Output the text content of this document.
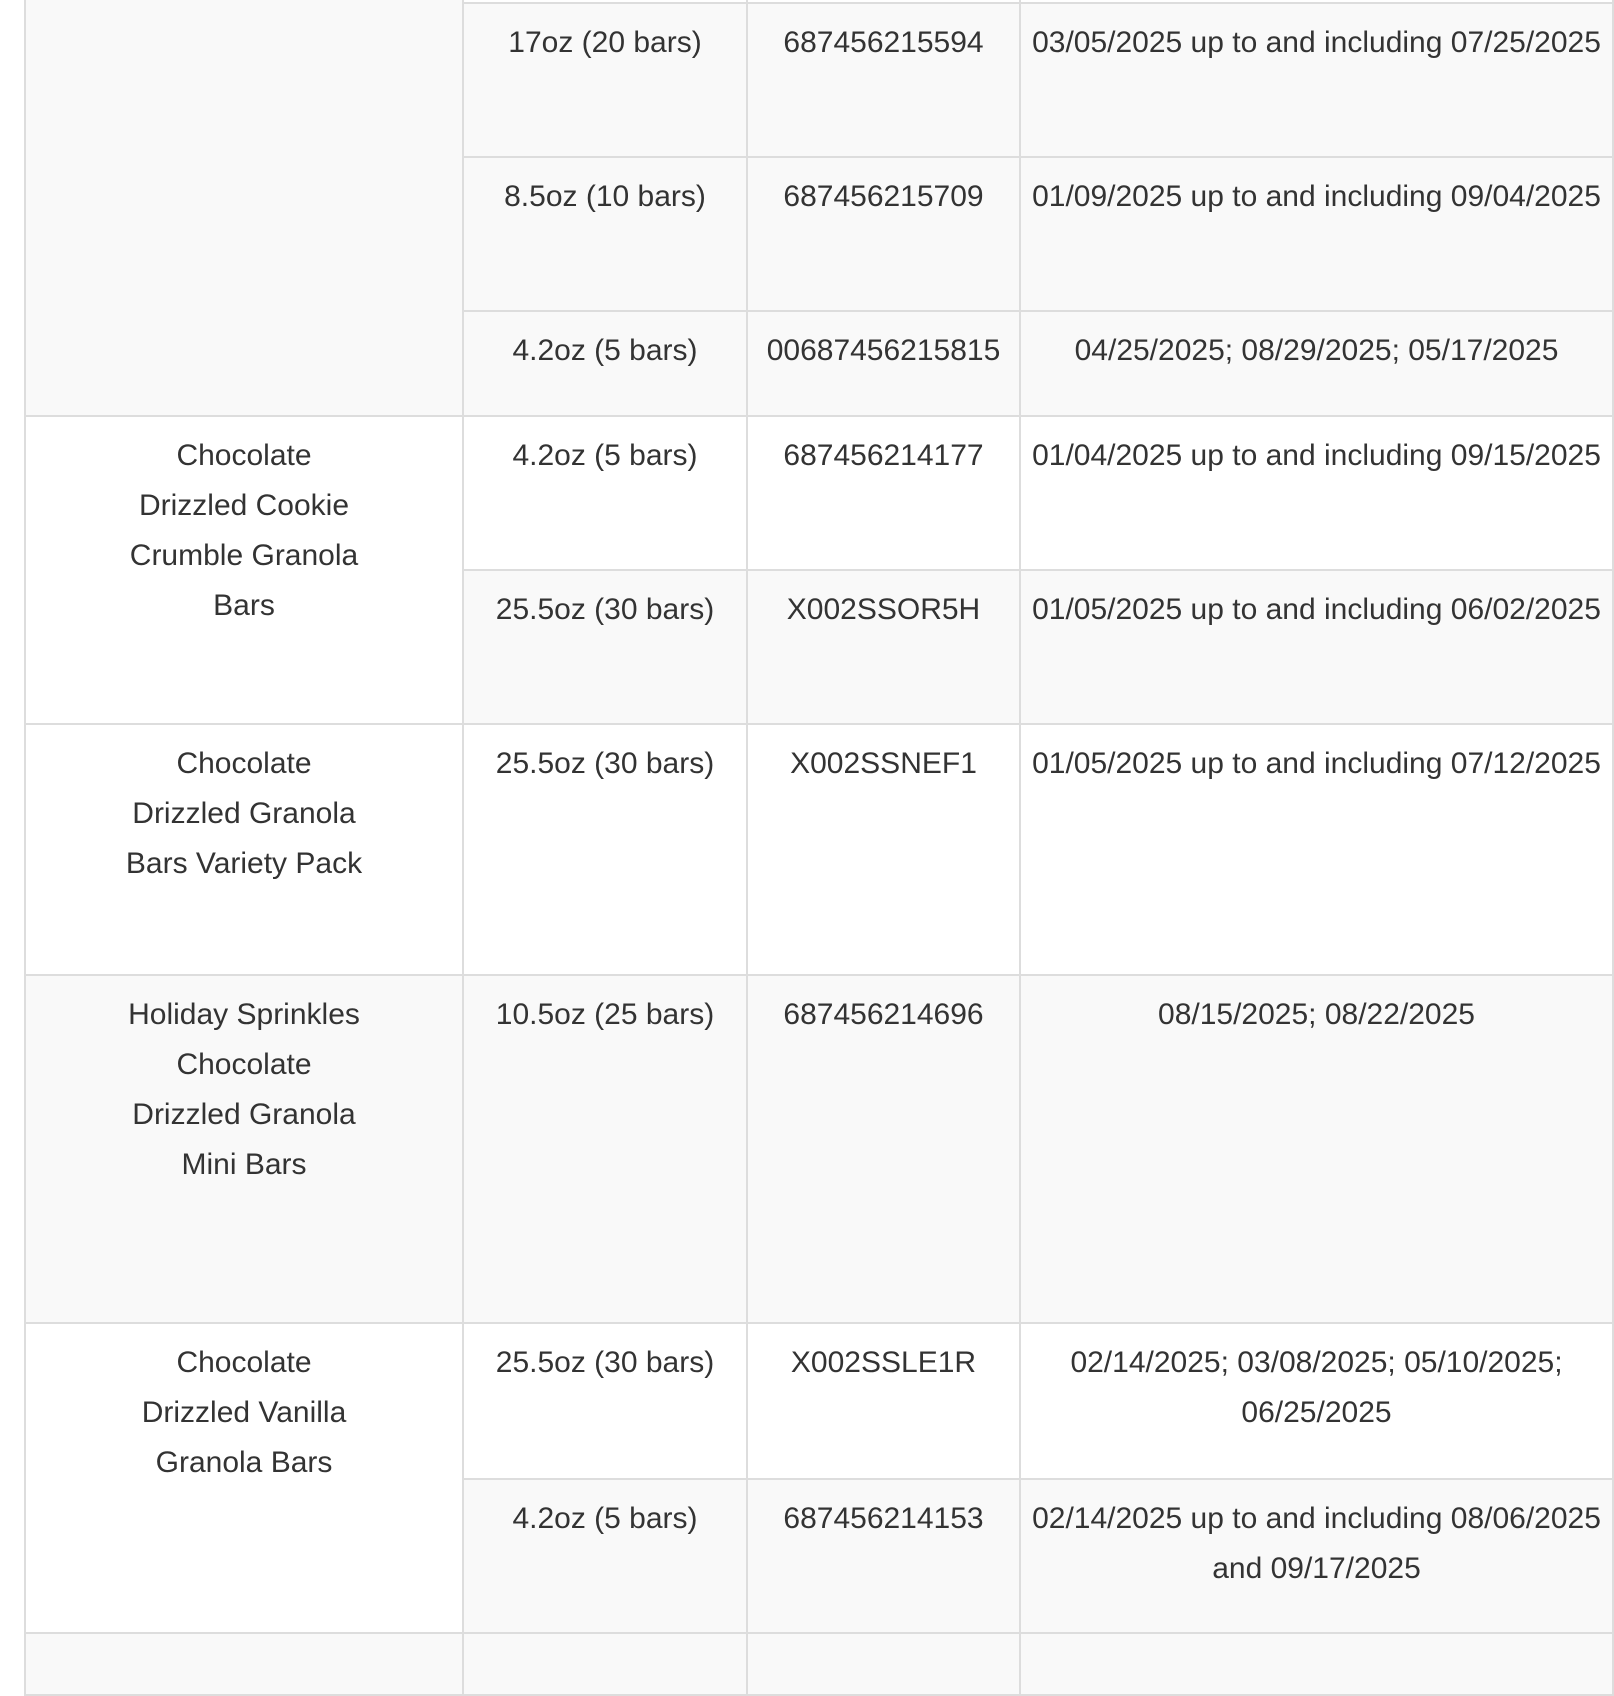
	17oz (20 bars)	687456215594	03/05/2025 up to and including 07/25/2025
	8.5oz (10 bars)	687456215709	01/09/2025 up to and including 09/04/2025
	4.2oz (5 bars)	00687456215815	04/25/2025; 08/29/2025; 05/17/2025

Chocolate Drizzled Cookie Crumble Granola Bars	4.2oz (5 bars)	687456214177	01/04/2025 up to and including 09/15/2025
	25.5oz (30 bars)	X002SSOR5H	01/05/2025 up to and including 06/02/2025

Chocolate Drizzled Granola Bars Variety Pack	25.5oz (30 bars)	X002SSNEF1	01/05/2025 up to and including 07/12/2025

Holiday Sprinkles Chocolate Drizzled Granola Mini Bars	10.5oz (25 bars)	687456214696	08/15/2025; 08/22/2025

Chocolate Drizzled Vanilla Granola Bars	25.5oz (30 bars)	X002SSLE1R	02/14/2025; 03/08/2025; 05/10/2025; 06/25/2025
	4.2oz (5 bars)	687456214153	02/14/2025 up to and including 08/06/2025 and 09/17/2025
